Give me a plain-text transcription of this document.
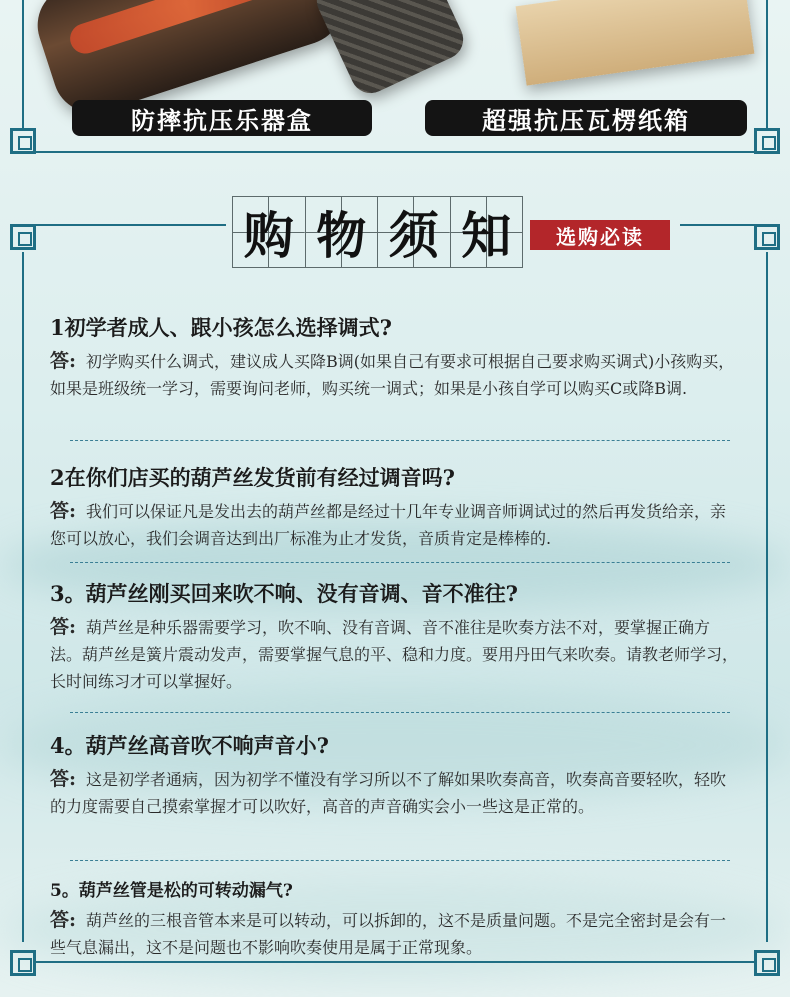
防摔抗压乐器盒	超强抗压瓦楞纸箱
购 物 须 知	选购必读

1初学者成人、跟小孩怎么选择调式?

答: 初学购买什么调式，建议成人买降B调(如果自己有要求可根据自己要求购买调式)小孩购买，如果是班级统一学习，需要询问老师，购买统一调式；如果是小孩自学可以购买C或降B调.

2在你们店买的葫芦丝发货前有经过调音吗?

答: 我们可以保证凡是发出去的葫芦丝都是经过十几年专业调音师调试过的然后再发货给亲，亲您可以放心，我们会调音达到出厂标准为止才发货，音质肯定是棒棒的.

3。葫芦丝刚买回来吹不响、没有音调、音不准往?

答: 葫芦丝是种乐器需要学习，吹不响、没有音调、音不准往是吹奏方法不对，要掌握正确方法。葫芦丝是簧片震动发声，需要掌握气息的平、稳和力度。要用丹田气来吹奏。请教老师学习，长时间练习才可以掌握好。

4。葫芦丝高音吹不响声音小?

答: 这是初学者通病，因为初学不懂没有学习所以不了解如果吹奏高音，吹奏高音要轻吹，轻吹的力度需要自己摸索掌握才可以吹好，高音的声音确实会小一些这是正常的。

5。葫芦丝管是松的可转动漏气?

答: 葫芦丝的三根音管本来是可以转动，可以拆卸的，这不是质量问题。不是完全密封是会有一些气息漏出，这不是问题也不影响吹奏使用是属于正常现象。
